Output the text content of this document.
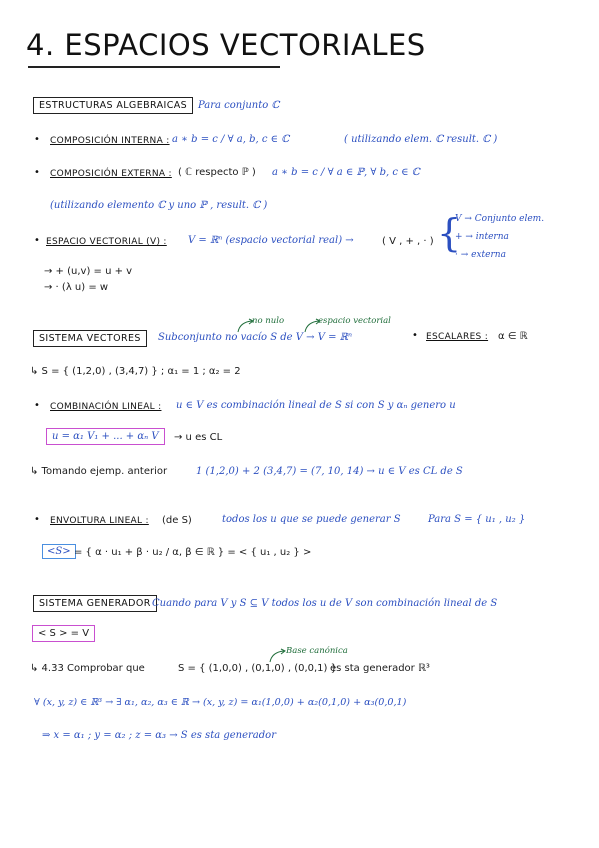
4. ESPACIOS VECTORIALES
ESTRUCTURAS ALGEBRAICAS	Para conjunto ℂ
• COMPOSICIÓN INTERNA : a ∗ b = c / ∀ a, b, c ∈ ℂ	( utilizando elem. ℂ result. ℂ )
• COMPOSICIÓN EXTERNA : ( ℂ respecto ℙ ) a ∗ b = c / ∀ a ∈ ℙ, ∀ b, c ∈ ℂ
(utilizando elemento ℂ y uno ℙ , result. ℂ )
• ESPACIO VECTORIAL (V) : V = ℝⁿ (espacio vectorial real) →	( V , + , · ) {
V → Conjunto elem.
+ → interna
· → externa
→ + (u,v) = u + v
→ · (λ u) = w
SISTEMA VECTORES
no nulo	espacio vectorial
Subconjunto no vacío S de V → V = ℝⁿ	• ESCALARES : α ∈ ℝ
↳ S = { (1,2,0) , (3,4,7) } ; α₁ = 1 ; α₂ = 2
• COMBINACIÓN LINEAL : u ∈ V es combinación lineal de S si con S y αₙ genero u
u = α₁ V₁ + ... + αₙ V	→ u es CL
↳ Tomando ejemp. anterior	1 (1,2,0) + 2 (3,4,7) = (7, 10, 14) → u ∈ V es CL de S
• ENVOLTURA LINEAL : (de S)	todos los u que se puede generar S	Para S = { u₁ , u₂ }
<S> = { α · u₁ + β · u₂ / α, β ∈ ℝ } = < { u₁ , u₂ } >
SISTEMA GENERADOR Cuando para V y S ⊆ V todos los u de V son combinación lineal de S
< S > = V
Base canónica
↳ 4.33 Comprobar que	S = { (1,0,0) , (0,1,0) , (0,0,1) }
es sta generador ℝ³
∀ (x, y, z) ∈ ℝ³ → ∃ α₁, α₂, α₃ ∈ ℝ → (x, y, z) = α₁(1,0,0) + α₂(0,1,0) + α₃(0,0,1)
⇒ x = α₁ ; y = α₂ ; z = α₃ → S es sta generador
